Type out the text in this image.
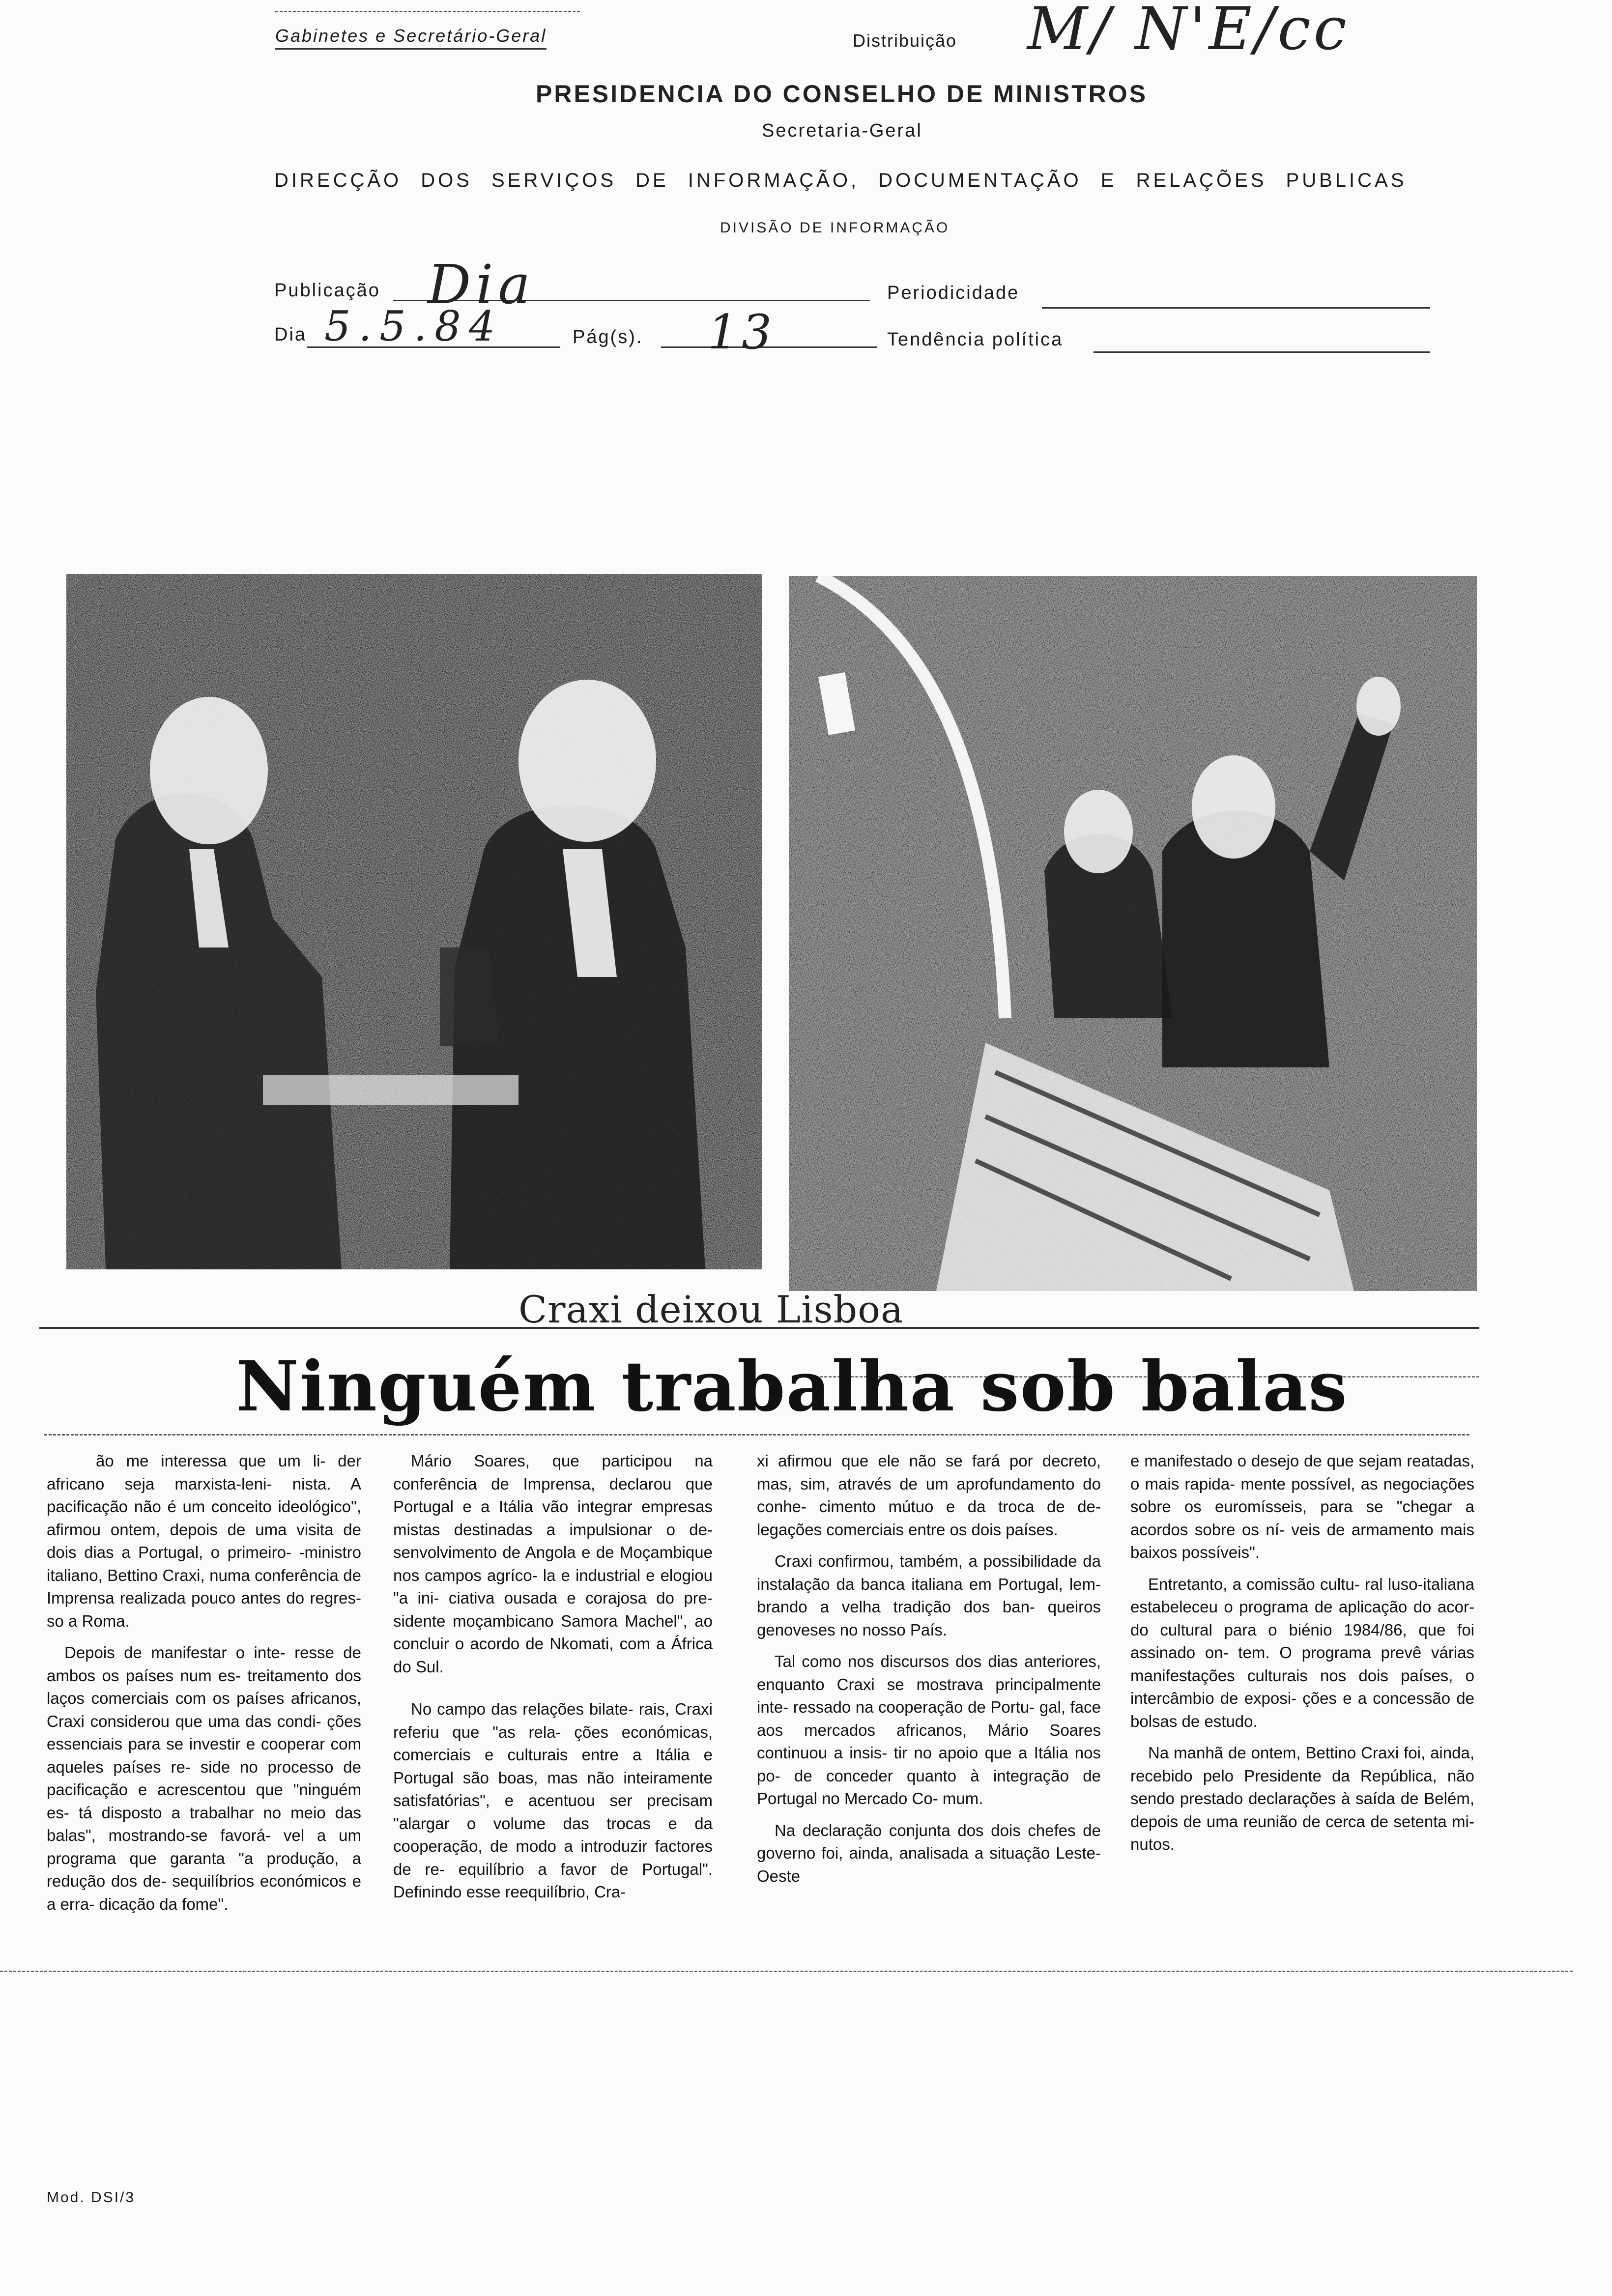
Gabinetes e Secretário-Geral	Distribuição M/ N'E/cc
PRESIDENCIA DO CONSELHO DE MINISTROS
Secretaria-Geral
DIRECÇÃO DOS SERVIÇOS DE INFORMAÇÃO, DOCUMENTAÇÃO E RELAÇÕES PUBLICAS
DIVISÃO DE INFORMAÇÃO
Publicação Dia	Periodicidade
Dia 5.5.84	Pág(s). 13	Tendência política
Craxi deixou Lisboa
Ninguém trabalha sob balas

ão me interessa que um li- der africano seja marxista-leni- nista. A pacificação não é um conceito ideológico", afirmou ontem, depois de uma visita de dois dias a Portugal, o primeiro- -ministro italiano, Bettino Craxi, numa conferência de Imprensa realizada pouco antes do regres- so a Roma.

Depois de manifestar o inte- resse de ambos os países num es- treitamento dos laços comerciais com os países africanos, Craxi considerou que uma das condi- ções essenciais para se investir e cooperar com aqueles países re- side no processo de pacificação e acrescentou que "ninguém es- tá disposto a trabalhar no meio das balas", mostrando-se favorá- vel a um programa que garanta "a produção, a redução dos de- sequilíbrios económicos e a erra- dicação da fome".

Mário Soares, que participou na conferência de Imprensa, declarou que Portugal e a Itália vão integrar empresas mistas destinadas a impulsionar o de- senvolvimento de Angola e de Moçambique nos campos agríco- la e industrial e elogiou "a ini- ciativa ousada e corajosa do pre- sidente moçambicano Samora Machel", ao concluir o acordo de Nkomati, com a África do Sul.

No campo das relações bilate- rais, Craxi referiu que "as rela- ções económicas, comerciais e culturais entre a Itália e Portugal são boas, mas não inteiramente satisfatórias", e acentuou ser precisam "alargar o volume das trocas e da cooperação, de modo a introduzir factores de re- equilíbrio a favor de Portugal". Definindo esse reequilíbrio, Cra-

xi afirmou que ele não se fará por decreto, mas, sim, através de um aprofundamento do conhe- cimento mútuo e da troca de de- legações comerciais entre os dois países.

Craxi confirmou, também, a possibilidade da instalação da banca italiana em Portugal, lem- brando a velha tradição dos ban- queiros genoveses no nosso País.

Tal como nos discursos dos dias anteriores, enquanto Craxi se mostrava principalmente inte- ressado na cooperação de Portu- gal, face aos mercados africanos, Mário Soares continuou a insis- tir no apoio que a Itália nos po- de conceder quanto à integração de Portugal no Mercado Co- mum.

Na declaração conjunta dos dois chefes de governo foi, ainda, analisada a situação Leste-Oeste

e manifestado o desejo de que sejam reatadas, o mais rapida- mente possível, as negociações sobre os euromísseis, para se "chegar a acordos sobre os ní- veis de armamento mais baixos possíveis".

Entretanto, a comissão cultu- ral luso-italiana estabeleceu o programa de aplicação do acor- do cultural para o biénio 1984/86, que foi assinado on- tem. O programa prevê várias manifestações culturais nos dois países, o intercâmbio de exposi- ções e a concessão de bolsas de estudo.

Na manhã de ontem, Bettino Craxi foi, ainda, recebido pelo Presidente da República, não sendo prestado declarações à saída de Belém, depois de uma reunião de cerca de setenta mi- nutos.

Mod. DSI/3
